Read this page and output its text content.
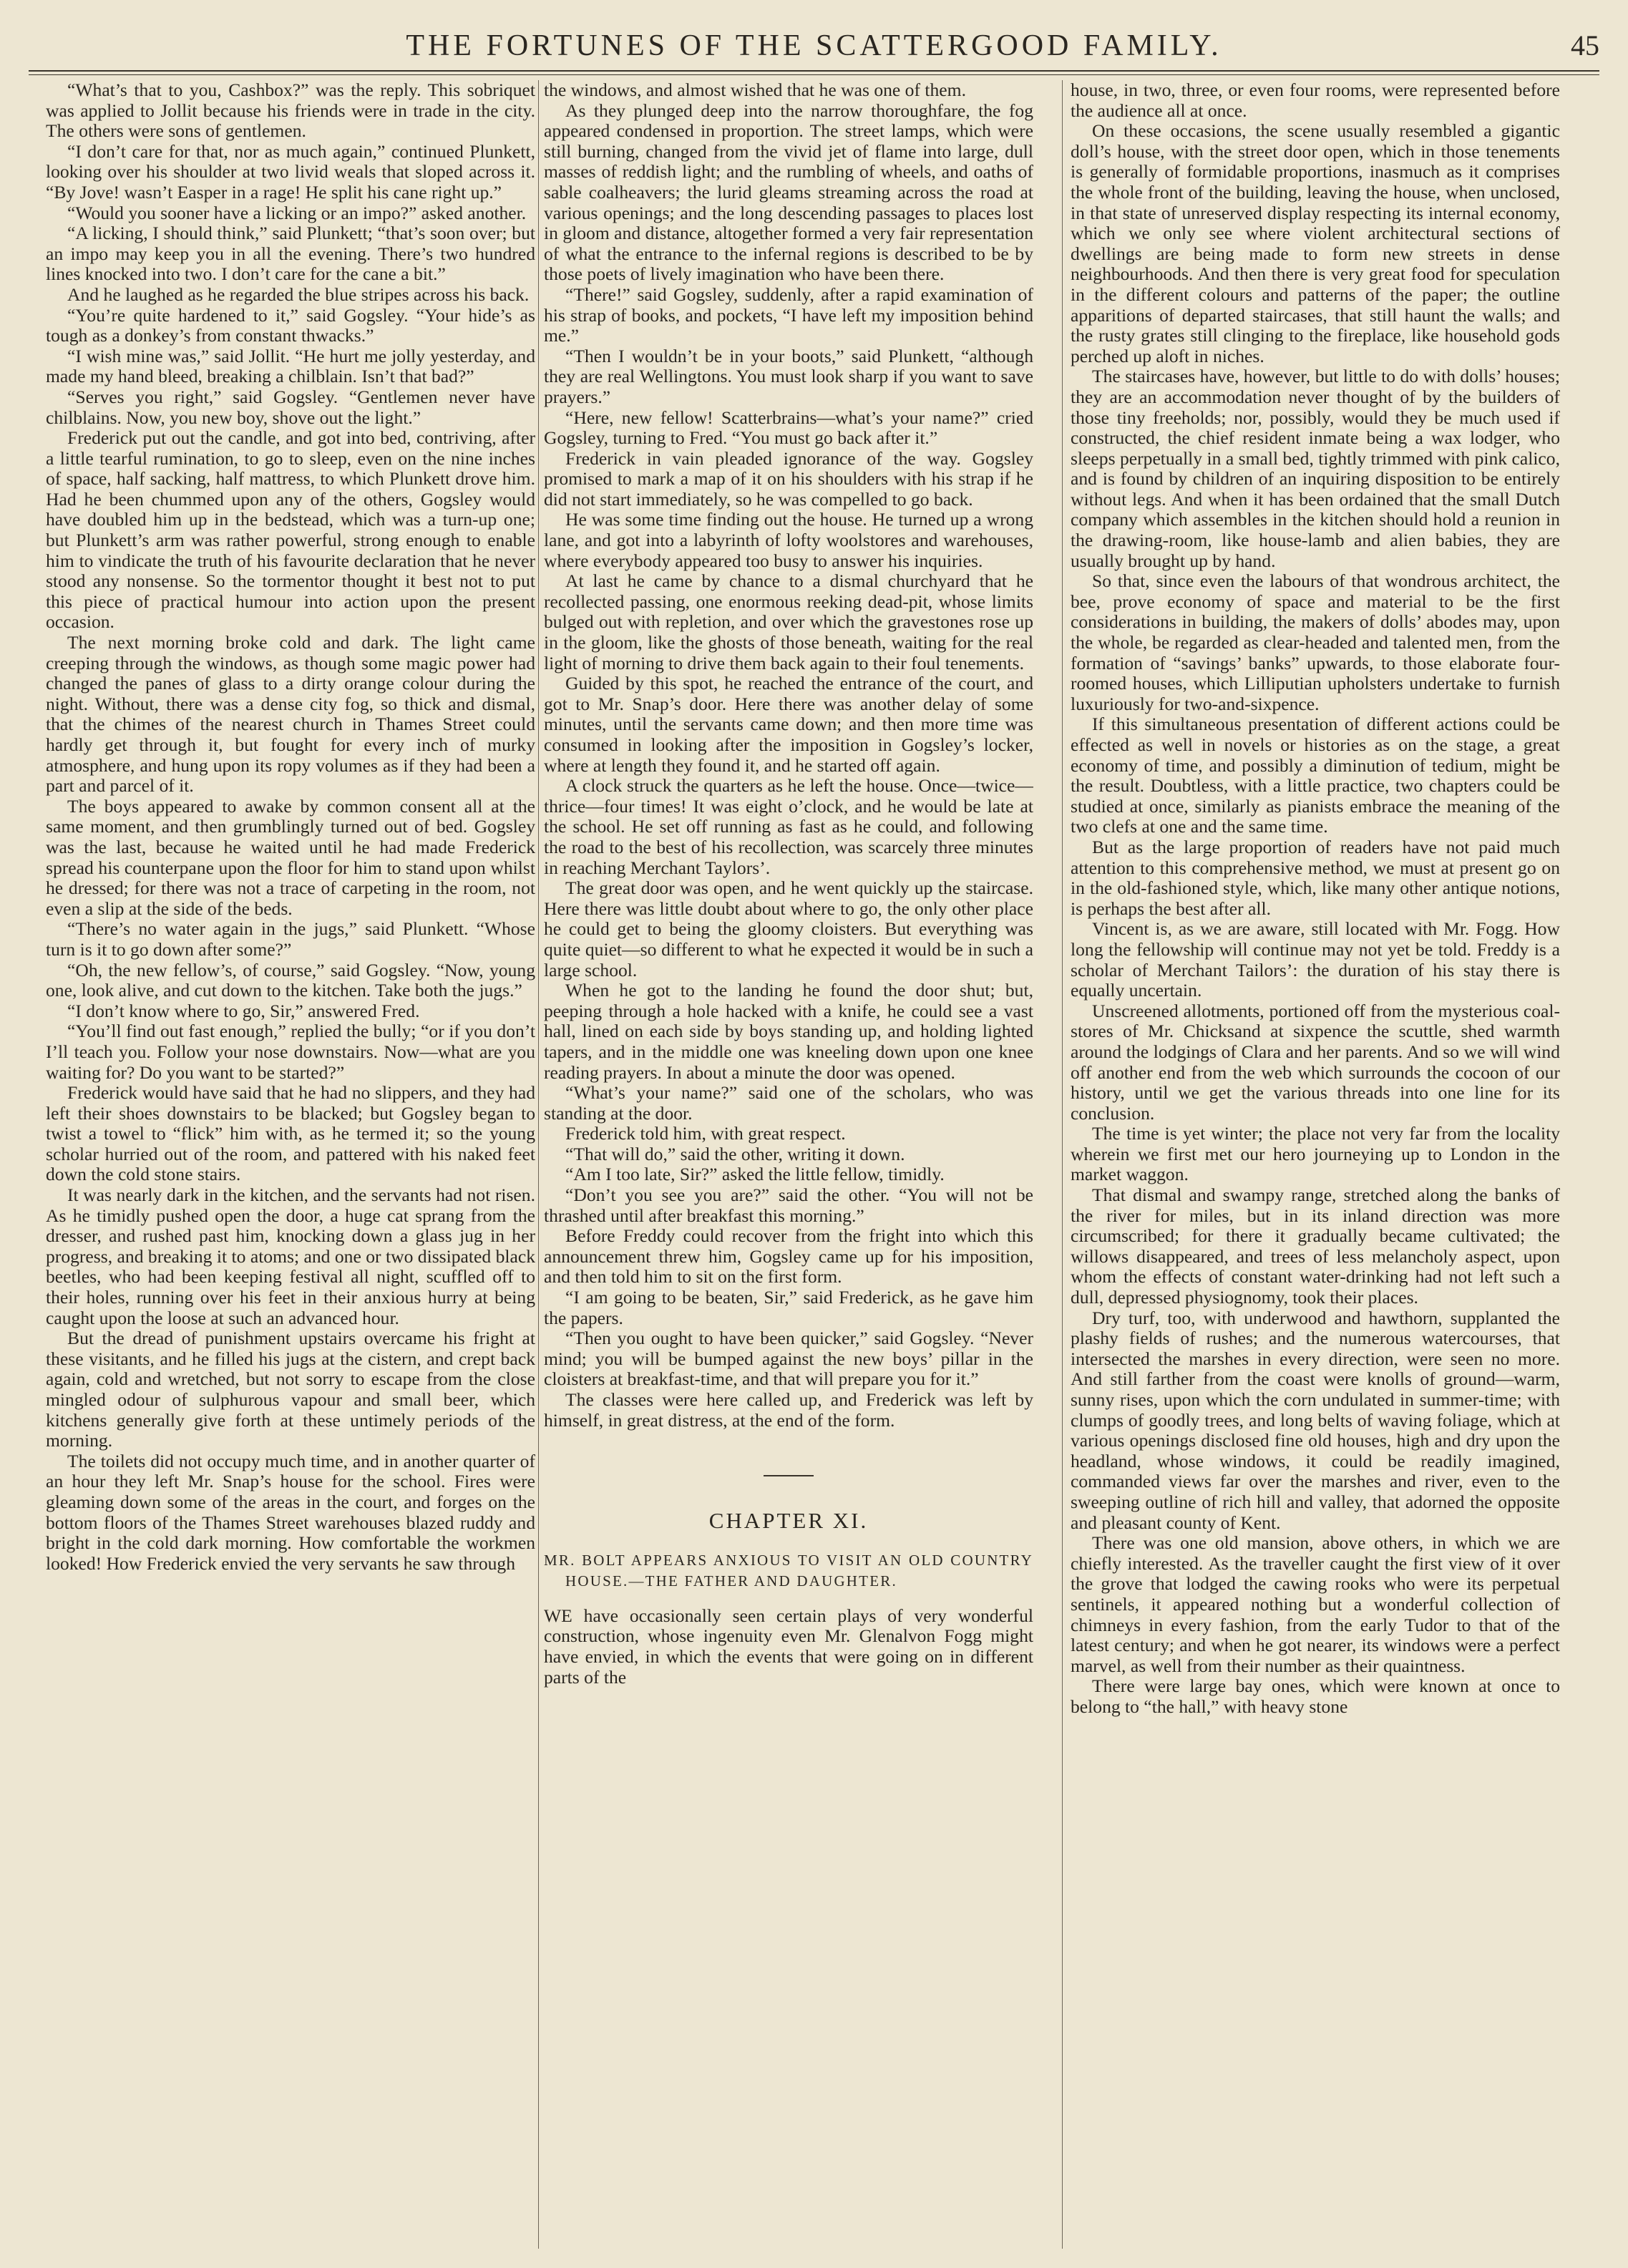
THE FORTUNES OF THE SCATTERGOOD FAMILY.	45

“What’s that to you, Cashbox?” was the reply. This sobriquet was applied to Jollit because his friends were in trade in the city. The others were sons of gentlemen.

“I don’t care for that, nor as much again,” continued Plunkett, looking over his shoulder at two livid weals that sloped across it. “By Jove! wasn’t Easper in a rage! He split his cane right up.”

“Would you sooner have a licking or an impo?” asked another.

“A licking, I should think,” said Plunkett; “that’s soon over; but an impo may keep you in all the evening. There’s two hundred lines knocked into two. I don’t care for the cane a bit.”

And he laughed as he regarded the blue stripes across his back.

“You’re quite hardened to it,” said Gogsley. “Your hide’s as tough as a donkey’s from constant thwacks.”

“I wish mine was,” said Jollit. “He hurt me jolly yesterday, and made my hand bleed, breaking a chilblain. Isn’t that bad?”

“Serves you right,” said Gogsley. “Gentlemen never have chilblains. Now, you new boy, shove out the light.”

Frederick put out the candle, and got into bed, contriving, after a little tearful rumination, to go to sleep, even on the nine inches of space, half sacking, half mattress, to which Plunkett drove him. Had he been chummed upon any of the others, Gogsley would have doubled him up in the bedstead, which was a turn-up one; but Plunkett’s arm was rather powerful, strong enough to enable him to vindicate the truth of his favourite declaration that he never stood any nonsense. So the tormentor thought it best not to put this piece of practical humour into action upon the present occasion.

The next morning broke cold and dark. The light came creeping through the windows, as though some magic power had changed the panes of glass to a dirty orange colour during the night. Without, there was a dense city fog, so thick and dismal, that the chimes of the nearest church in Thames Street could hardly get through it, but fought for every inch of murky atmosphere, and hung upon its ropy volumes as if they had been a part and parcel of it.

The boys appeared to awake by common consent all at the same moment, and then grumblingly turned out of bed. Gogsley was the last, because he waited until he had made Frederick spread his counterpane upon the floor for him to stand upon whilst he dressed; for there was not a trace of carpeting in the room, not even a slip at the side of the beds.

“There’s no water again in the jugs,” said Plunkett. “Whose turn is it to go down after some?”

“Oh, the new fellow’s, of course,” said Gogsley. “Now, young one, look alive, and cut down to the kitchen. Take both the jugs.”

“I don’t know where to go, Sir,” answered Fred.

“You’ll find out fast enough,” replied the bully; “or if you don’t I’ll teach you. Follow your nose downstairs. Now—what are you waiting for? Do you want to be started?”

Frederick would have said that he had no slippers, and they had left their shoes downstairs to be blacked; but Gogsley began to twist a towel to “flick” him with, as he termed it; so the young scholar hurried out of the room, and pattered with his naked feet down the cold stone stairs.

It was nearly dark in the kitchen, and the servants had not risen. As he timidly pushed open the door, a huge cat sprang from the dresser, and rushed past him, knocking down a glass jug in her progress, and breaking it to atoms; and one or two dissipated black beetles, who had been keeping festival all night, scuffled off to their holes, running over his feet in their anxious hurry at being caught upon the loose at such an advanced hour.

But the dread of punishment upstairs overcame his fright at these visitants, and he filled his jugs at the cistern, and crept back again, cold and wretched, but not sorry to escape from the close mingled odour of sulphurous vapour and small beer, which kitchens generally give forth at these untimely periods of the morning.

The toilets did not occupy much time, and in another quarter of an hour they left Mr. Snap’s house for the school. Fires were gleaming down some of the areas in the court, and forges on the bottom floors of the Thames Street warehouses blazed ruddy and bright in the cold dark morning. How comfortable the workmen looked! How Frederick envied the very servants he saw through

the windows, and almost wished that he was one of them.

As they plunged deep into the narrow thoroughfare, the fog appeared condensed in proportion. The street lamps, which were still burning, changed from the vivid jet of flame into large, dull masses of reddish light; and the rumbling of wheels, and oaths of sable coalheavers; the lurid gleams streaming across the road at various openings; and the long descending passages to places lost in gloom and distance, altogether formed a very fair representation of what the entrance to the infernal regions is described to be by those poets of lively imagination who have been there.

“There!” said Gogsley, suddenly, after a rapid examination of his strap of books, and pockets, “I have left my imposition behind me.”

“Then I wouldn’t be in your boots,” said Plunkett, “although they are real Wellingtons. You must look sharp if you want to save prayers.”

“Here, new fellow! Scatterbrains—what’s your name?” cried Gogsley, turning to Fred. “You must go back after it.”

Frederick in vain pleaded ignorance of the way. Gogsley promised to mark a map of it on his shoulders with his strap if he did not start immediately, so he was compelled to go back.

He was some time finding out the house. He turned up a wrong lane, and got into a labyrinth of lofty woolstores and warehouses, where everybody appeared too busy to answer his inquiries.

At last he came by chance to a dismal churchyard that he recollected passing, one enormous reeking dead-pit, whose limits bulged out with repletion, and over which the gravestones rose up in the gloom, like the ghosts of those beneath, waiting for the real light of morning to drive them back again to their foul tenements.

Guided by this spot, he reached the entrance of the court, and got to Mr. Snap’s door. Here there was another delay of some minutes, until the servants came down; and then more time was consumed in looking after the imposition in Gogsley’s locker, where at length they found it, and he started off again.

A clock struck the quarters as he left the house. Once—twice—thrice—four times! It was eight o’clock, and he would be late at the school. He set off running as fast as he could, and following the road to the best of his recollection, was scarcely three minutes in reaching Merchant Taylors’.

The great door was open, and he went quickly up the staircase. Here there was little doubt about where to go, the only other place he could get to being the gloomy cloisters. But everything was quite quiet—so different to what he expected it would be in such a large school.

When he got to the landing he found the door shut; but, peeping through a hole hacked with a knife, he could see a vast hall, lined on each side by boys standing up, and holding lighted tapers, and in the middle one was kneeling down upon one knee reading prayers. In about a minute the door was opened.

“What’s your name?” said one of the scholars, who was standing at the door.

Frederick told him, with great respect.

“That will do,” said the other, writing it down.

“Am I too late, Sir?” asked the little fellow, timidly.

“Don’t you see you are?” said the other. “You will not be thrashed until after breakfast this morning.”

Before Freddy could recover from the fright into which this announcement threw him, Gogsley came up for his imposition, and then told him to sit on the first form.

“I am going to be beaten, Sir,” said Frederick, as he gave him the papers.

“Then you ought to have been quicker,” said Gogsley. “Never mind; you will be bumped against the new boys’ pillar in the cloisters at breakfast-time, and that will prepare you for it.”

The classes were here called up, and Frederick was left by himself, in great distress, at the end of the form.

CHAPTER XI.
MR. BOLT APPEARS ANXIOUS TO VISIT AN OLD COUNTRY HOUSE.—THE FATHER AND DAUGHTER.

WE have occasionally seen certain plays of very wonderful construction, whose ingenuity even Mr. Glenalvon Fogg might have envied, in which the events that were going on in different parts of the

house, in two, three, or even four rooms, were represented before the audience all at once.

On these occasions, the scene usually resembled a gigantic doll’s house, with the street door open, which in those tenements is generally of formidable proportions, inasmuch as it comprises the whole front of the building, leaving the house, when unclosed, in that state of unreserved display respecting its internal economy, which we only see where violent architectural sections of dwellings are being made to form new streets in dense neighbourhoods. And then there is very great food for speculation in the different colours and patterns of the paper; the outline apparitions of departed staircases, that still haunt the walls; and the rusty grates still clinging to the fireplace, like household gods perched up aloft in niches.

The staircases have, however, but little to do with dolls’ houses; they are an accommodation never thought of by the builders of those tiny freeholds; nor, possibly, would they be much used if constructed, the chief resident inmate being a wax lodger, who sleeps perpetually in a small bed, tightly trimmed with pink calico, and is found by children of an inquiring disposition to be entirely without legs. And when it has been ordained that the small Dutch company which assembles in the kitchen should hold a reunion in the drawing-room, like house-lamb and alien babies, they are usually brought up by hand.

So that, since even the labours of that wondrous architect, the bee, prove economy of space and material to be the first considerations in building, the makers of dolls’ abodes may, upon the whole, be regarded as clear-headed and talented men, from the formation of “savings’ banks” upwards, to those elaborate four-roomed houses, which Lilliputian upholsters undertake to furnish luxuriously for two-and-sixpence.

If this simultaneous presentation of different actions could be effected as well in novels or histories as on the stage, a great economy of time, and possibly a diminution of tedium, might be the result. Doubtless, with a little practice, two chapters could be studied at once, similarly as pianists embrace the meaning of the two clefs at one and the same time.

But as the large proportion of readers have not paid much attention to this comprehensive method, we must at present go on in the old-fashioned style, which, like many other antique notions, is perhaps the best after all.

Vincent is, as we are aware, still located with Mr. Fogg. How long the fellowship will continue may not yet be told. Freddy is a scholar of Merchant Tailors’: the duration of his stay there is equally uncertain.

Unscreened allotments, portioned off from the mysterious coal-stores of Mr. Chicksand at sixpence the scuttle, shed warmth around the lodgings of Clara and her parents. And so we will wind off another end from the web which surrounds the cocoon of our history, until we get the various threads into one line for its conclusion.

The time is yet winter; the place not very far from the locality wherein we first met our hero journeying up to London in the market waggon.

That dismal and swampy range, stretched along the banks of the river for miles, but in its inland direction was more circumscribed; for there it gradually became cultivated; the willows disappeared, and trees of less melancholy aspect, upon whom the effects of constant water-drinking had not left such a dull, depressed physiognomy, took their places.

Dry turf, too, with underwood and hawthorn, supplanted the plashy fields of rushes; and the numerous watercourses, that intersected the marshes in every direction, were seen no more. And still farther from the coast were knolls of ground—warm, sunny rises, upon which the corn undulated in summer-time; with clumps of goodly trees, and long belts of waving foliage, which at various openings disclosed fine old houses, high and dry upon the headland, whose windows, it could be readily imagined, commanded views far over the marshes and river, even to the sweeping outline of rich hill and valley, that adorned the opposite and pleasant county of Kent.

There was one old mansion, above others, in which we are chiefly interested. As the traveller caught the first view of it over the grove that lodged the cawing rooks who were its perpetual sentinels, it appeared nothing but a wonderful collection of chimneys in every fashion, from the early Tudor to that of the latest century; and when he got nearer, its windows were a perfect marvel, as well from their number as their quaintness.

There were large bay ones, which were known at once to belong to “the hall,” with heavy stone
